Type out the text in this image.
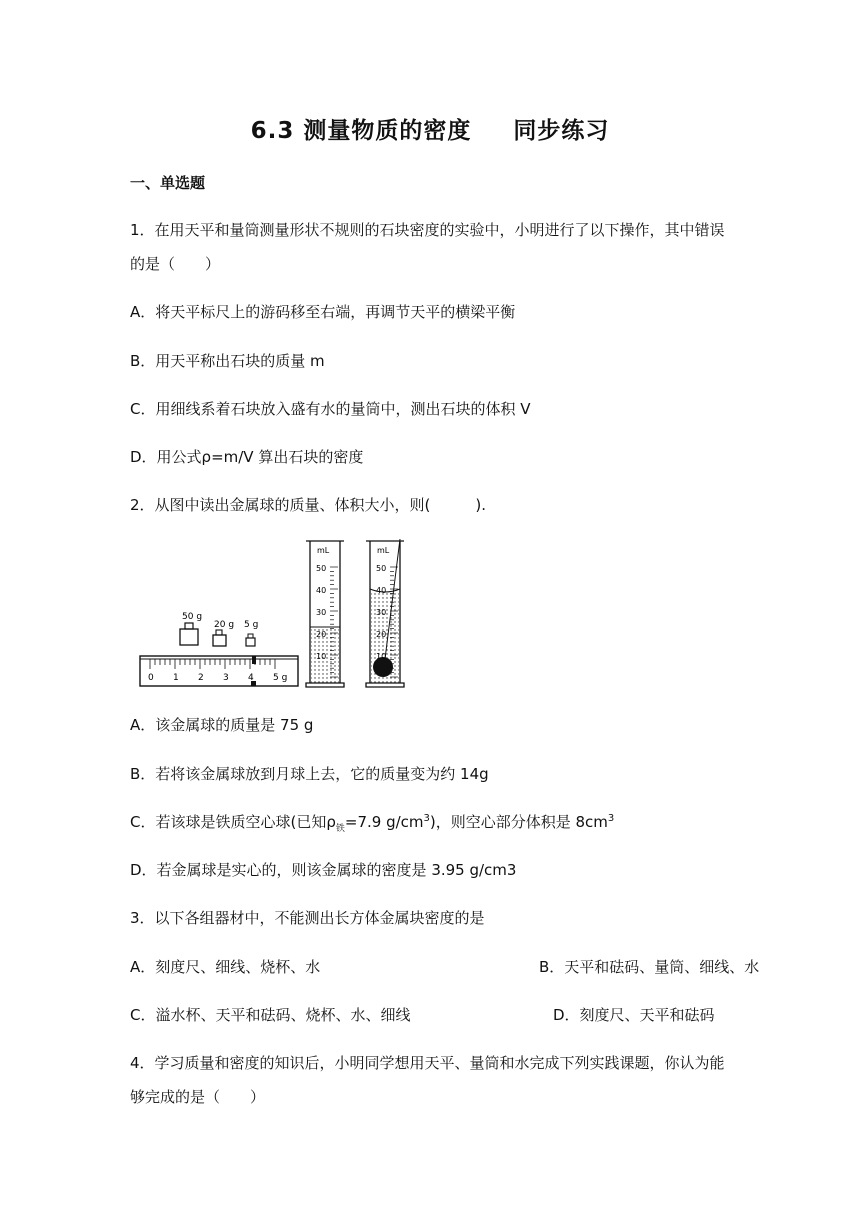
6.3 测量物质的密度 同步练习
一、单选题
1．在用天平和量筒测量形状不规则的石块密度的实验中，小明进行了以下操作，其中错误
的是（　　）
A．将天平标尺上的游码移至右端，再调节天平的横梁平衡
B．用天平称出石块的质量 m
C．用细线系着石块放入盛有水的量筒中，测出石块的体积 V
D．用公式ρ=m/V 算出石块的密度
2．从图中读出金属球的质量、体积大小，则(　　　).
50 g
20 g 5 g
0 1 2 3 4 5 g
mL
50
40
30
20
10
mL
50
40
30
20
10
A．该金属球的质量是 75 g
B．若将该金属球放到月球上去，它的质量变为约 14g
C．若该球是铁质空心球(已知$\rho_铁=7.9$ $g/cm^3$)，则空心部分体积是 $8cm^3$
D．若金属球是实心的，则该金属球的密度是 3.95 g/cm3
3．以下各组器材中，不能测出长方体金属块密度的是
A．刻度尺、细线、烧杯、水	B．天平和砝码、量筒、细线、水
C．溢水杯、天平和砝码、烧杯、水、细线	D．刻度尺、天平和砝码
4．学习质量和密度的知识后，小明同学想用天平、量筒和水完成下列实践课题，你认为能
够完成的是（　　）
